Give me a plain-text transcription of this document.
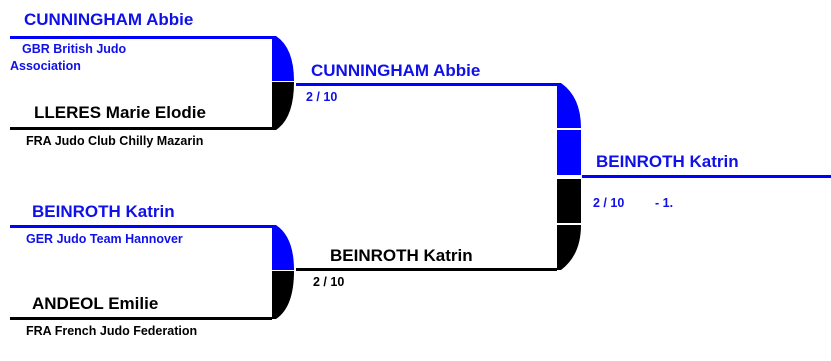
CUNNINGHAM Abbie
GBR British Judo Association
LLERES Marie Elodie
FRA Judo Club Chilly Mazarin
BEINROTH Katrin
GER Judo Team Hannover
ANDEOL Emilie
FRA French Judo Federation
CUNNINGHAM Abbie
2 / 10
BEINROTH Katrin
2 / 10
BEINROTH Katrin
2 / 10 - 1.
